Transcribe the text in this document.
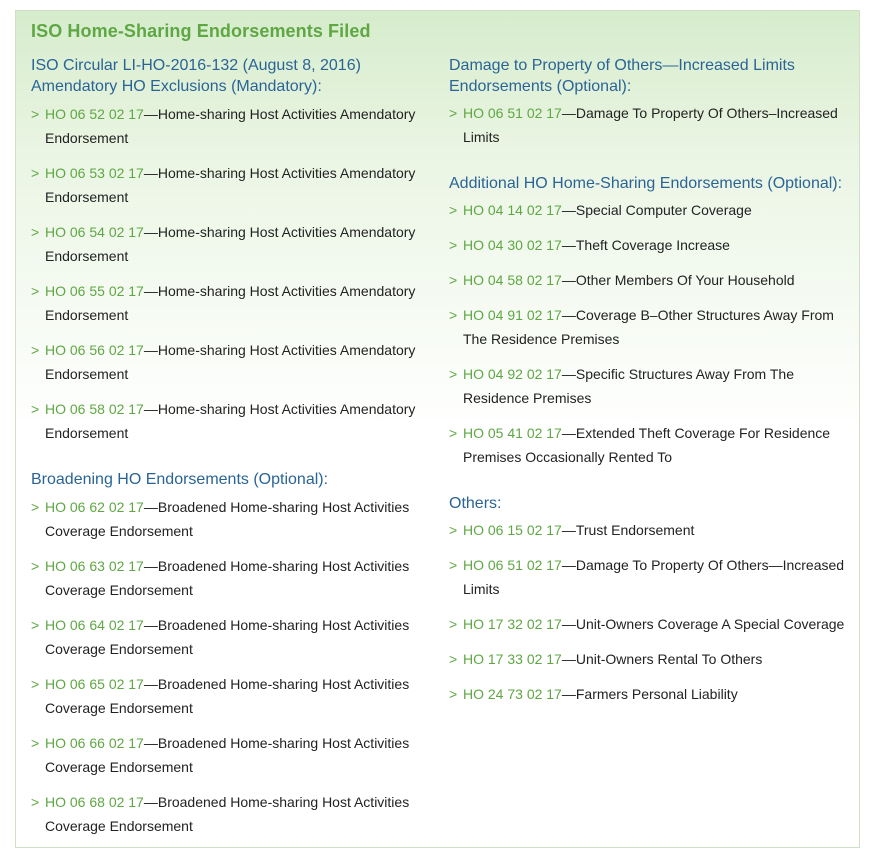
ISO Home-Sharing Endorsements Filed
ISO Circular LI-HO-2016-132 (August 8, 2016)
Amendatory HO Exclusions (Mandatory):
> HO 06 52 02 17—Home-sharing Host Activities Amendatory Endorsement
> HO 06 53 02 17—Home-sharing Host Activities Amendatory Endorsement
> HO 06 54 02 17—Home-sharing Host Activities Amendatory Endorsement
> HO 06 55 02 17—Home-sharing Host Activities Amendatory Endorsement
> HO 06 56 02 17—Home-sharing Host Activities Amendatory Endorsement
> HO 06 58 02 17—Home-sharing Host Activities Amendatory Endorsement
Broadening HO Endorsements (Optional):
> HO 06 62 02 17—Broadened Home-sharing Host Activities Coverage Endorsement
> HO 06 63 02 17—Broadened Home-sharing Host Activities Coverage Endorsement
> HO 06 64 02 17—Broadened Home-sharing Host Activities Coverage Endorsement
> HO 06 65 02 17—Broadened Home-sharing Host Activities Coverage Endorsement
> HO 06 66 02 17—Broadened Home-sharing Host Activities Coverage Endorsement
> HO 06 68 02 17—Broadened Home-sharing Host Activities Coverage Endorsement
Damage to Property of Others—Increased Limits Endorsements (Optional):
> HO 06 51 02 17—Damage To Property Of Others–Increased Limits
Additional HO Home-Sharing Endorsements (Optional):
> HO 04 14 02 17—Special Computer Coverage
> HO 04 30 02 17—Theft Coverage Increase
> HO 04 58 02 17—Other Members Of Your Household
> HO 04 91 02 17—Coverage B–Other Structures Away From The Residence Premises
> HO 04 92 02 17—Specific Structures Away From The Residence Premises
> HO 05 41 02 17—Extended Theft Coverage For Residence Premises Occasionally Rented To
Others:
> HO 06 15 02 17—Trust Endorsement
> HO 06 51 02 17—Damage To Property Of Others—Increased Limits
> HO 17 32 02 17—Unit-Owners Coverage A Special Coverage
> HO 17 33 02 17—Unit-Owners Rental To Others
> HO 24 73 02 17—Farmers Personal Liability
